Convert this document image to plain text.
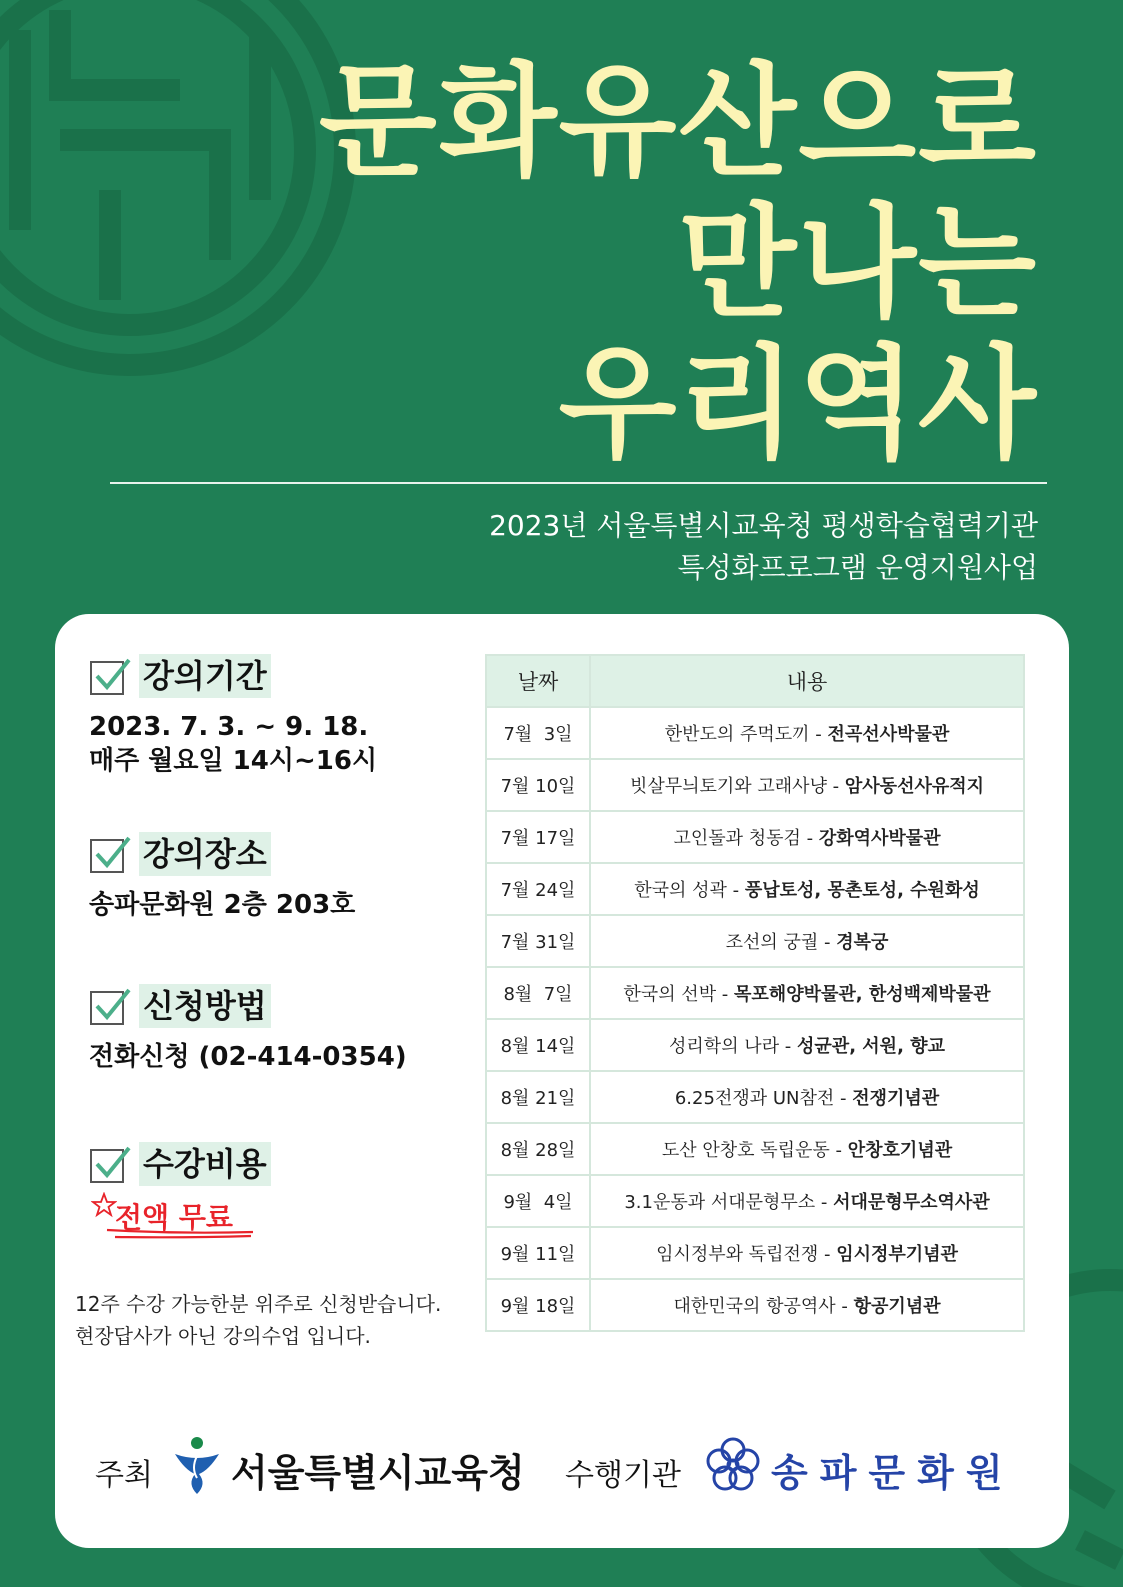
문화유산으로
만나는
우리역사
2023년 서울특별시교육청 평생학습협력기관
특성화프로그램 운영지원사업
강의기간
2023. 7. 3. ~ 9. 18.
매주 월요일 14시~16시
강의장소
송파문화원 2층 203호
신청방법
전화신청 (02-414-0354)
수강비용
전액 무료
12주 수강 가능한분 위주로 신청받습니다.
현장답사가 아닌 강의수업 입니다.
날짜	내용
7월  3일	한반도의 주먹도끼 - 전곡선사박물관
7월 10일	빗살무늬토기와 고래사냥 - 암사동선사유적지
7월 17일	고인돌과 청동검 - 강화역사박물관
7월 24일	한국의 성곽 - 풍납토성, 몽촌토성, 수원화성
7월 31일	조선의 궁궐 - 경복궁
8월  7일	한국의 선박 - 목포해양박물관, 한성백제박물관
8월 14일	성리학의 나라 - 성균관, 서원, 향교
8월 21일	6.25전쟁과 UN참전 - 전쟁기념관
8월 28일	도산 안창호 독립운동 - 안창호기념관
9월  4일	3.1운동과 서대문형무소 - 서대문형무소역사관
9월 11일	임시정부와 독립전쟁 - 임시정부기념관
9월 18일	대한민국의 항공역사 - 항공기념관
주최 서울특별시교육청 수행기관 송파문화원
